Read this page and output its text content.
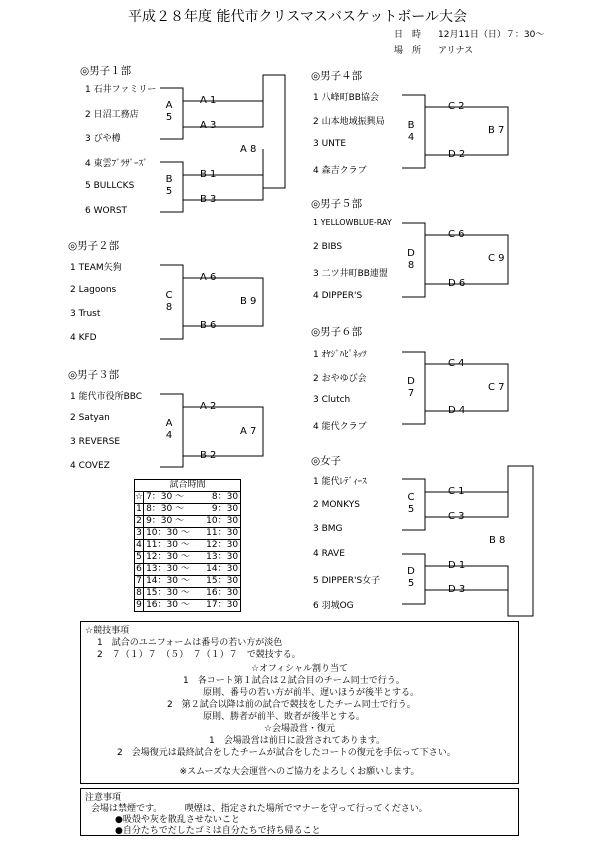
平成２８年度 能代市クリスマスバスケットボール大会
日　時 12月11日（日）７：30～
場　所 アリナス
◎男子１部
1 石井ファミリー
2 日沼工務店
3 びや樽
4 東雲ﾌﾞﾗｻﾞｰｽﾞ
5 BULLCKS
6 WORST
A
5
B
5
A 1
A 3
B 1
B 3
A 8
◎男子２部
1 TEAM矢狗
2 Lagoons
3 Trust
4 KFD
C
8
A 6
B 6
B 9
◎男子３部
1 能代市役所BBC
2 Satyan
3 REVERSE
4 COVEZ
A
4
A 2
B 2
A 7
◎男子４部
1 八峰町BB協会
2 山本地域振興局
3 UNTE
4 森吉クラブ
B
4
C 2
D 2
B 7
◎男子５部
1 YELLOWBLUE-RAY
2 BIBS
3 二ツ井町BB連盟
4 DIPPER'S
D
8
C 6
D 6
C 9
◎男子６部
1 ｵﾔｼﾞﾊﾋﾟﾈｯﾂ
2 おやゆび会
3 Clutch
4 能代クラブ
D
7
C 4
D 4
C 7
◎女子
1 能代ﾚﾃﾞｨｰｽ
2 MONKYS
3 BMG
4 RAVE
5 DIPPER'S女子
6 羽城OG
C
5
D
5
C 1
C 3
D 1
D 3
B 8
試合時間	
☆	7：30 ～ 8：30

1	8：30 ～ 9：30

2	9：30 ～ 10：30

3	10：30 ～ 11：30

4	11：30 ～ 12：30

5	12：30 ～ 13：30

6	13：30 ～ 14：30

7	14：30 ～ 15：30

8	15：30 ～ 16：30

9	16：30 ～ 17：30
☆競技事項
1　試合のユニフォームは番号の若い方が淡色
2　７（１）７　（５）　７（１）７　で競技する。
☆オフィシャル割り当て
1　各コート第１試合は２試合目のチーム同士で行う。
原則、番号の若い方が前半、遅いほうが後半とする。
2　第２試合以降は前の試合で競技をしたチーム同士で行う。
原則、勝者が前半、敗者が後半とする。
☆会場設営・復元
1　会場設営は前日に設営されてあります。
2　会場復元は最終試合をしたチームが試合をしたコートの復元を手伝って下さい。
※スムーズな大会運営へのご協力をよろしくお願いします。
注意事項
会場は禁煙です。　　　喫煙は、指定された場所でマナーを守って行ってください。
●吸殻や灰を散乱させないこと
●自分たちでだしたゴミは自分たちで持ち帰ること
